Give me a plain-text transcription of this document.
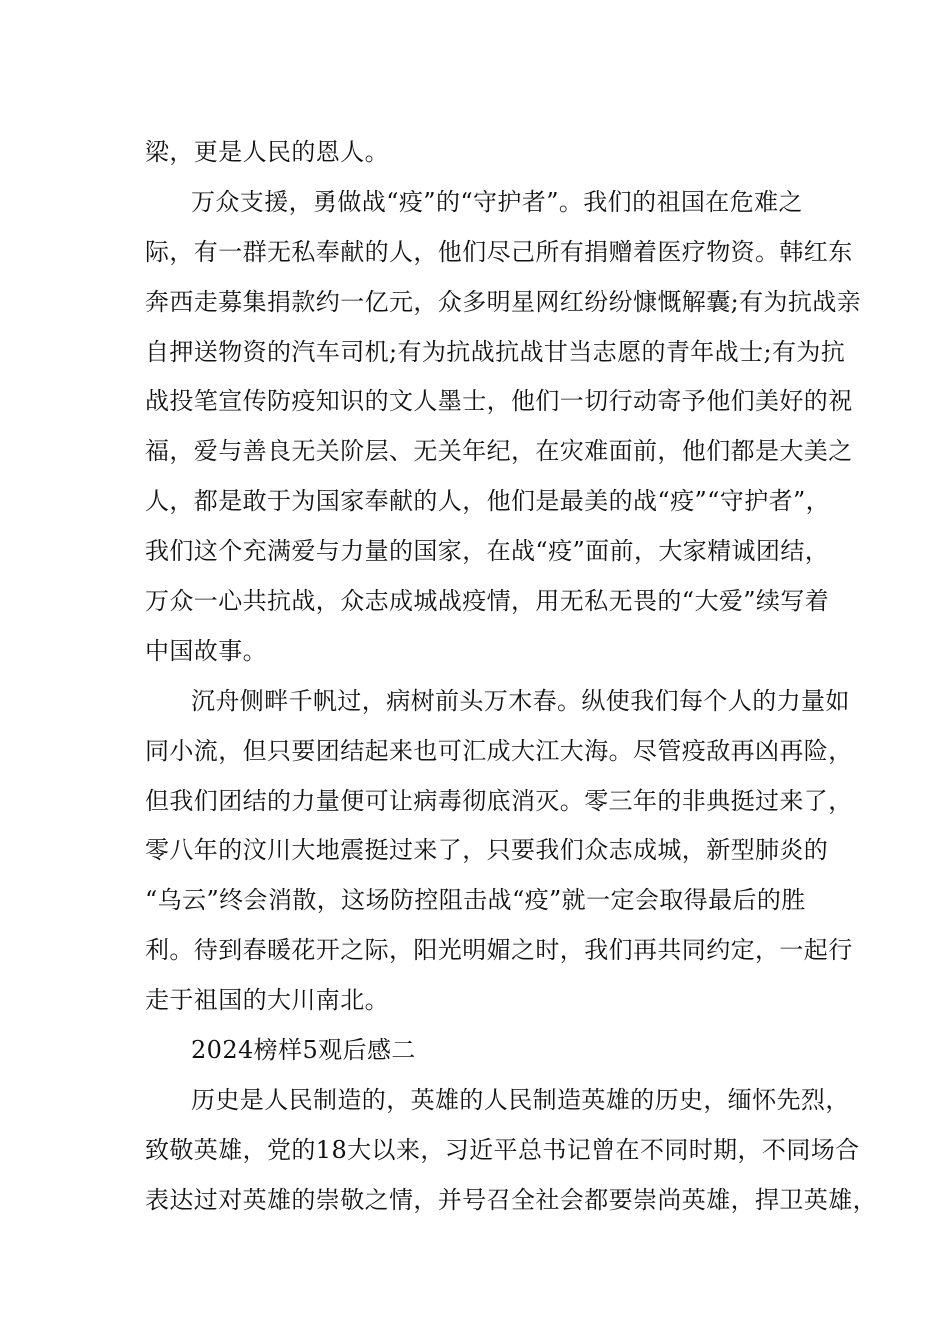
梁，更是人民的恩人。
万众支援，勇做战“疫”的“守护者”。我们的祖国在危难之
际，有一群无私奉献的人，他们尽己所有捐赠着医疗物资。韩红东
奔西走募集捐款约一亿元，众多明星网红纷纷慷慨解囊;有为抗战亲
自押送物资的汽车司机;有为抗战抗战甘当志愿的青年战士;有为抗
战投笔宣传防疫知识的文人墨士，他们一切行动寄予他们美好的祝
福，爱与善良无关阶层、无关年纪，在灾难面前，他们都是大美之
人，都是敢于为国家奉献的人，他们是最美的战“疫”“守护者”，
我们这个充满爱与力量的国家，在战“疫”面前，大家精诚团结，
万众一心共抗战，众志成城战疫情，用无私无畏的“大爱”续写着
中国故事。
沉舟侧畔千帆过，病树前头万木春。纵使我们每个人的力量如
同小流，但只要团结起来也可汇成大江大海。尽管疫敌再凶再险，
但我们团结的力量便可让病毒彻底消灭。零三年的非典挺过来了，
零八年的汶川大地震挺过来了，只要我们众志成城，新型肺炎的
“乌云”终会消散，这场防控阻击战“疫”就一定会取得最后的胜
利。待到春暖花开之际，阳光明媚之时，我们再共同约定，一起行
走于祖国的大川南北。
2024榜样5观后感二
历史是人民制造的，英雄的人民制造英雄的历史，缅怀先烈，
致敬英雄，党的18大以来，习近平总书记曾在不同时期，不同场合
表达过对英雄的崇敬之情，并号召全社会都要崇尚英雄，捍卫英雄，
